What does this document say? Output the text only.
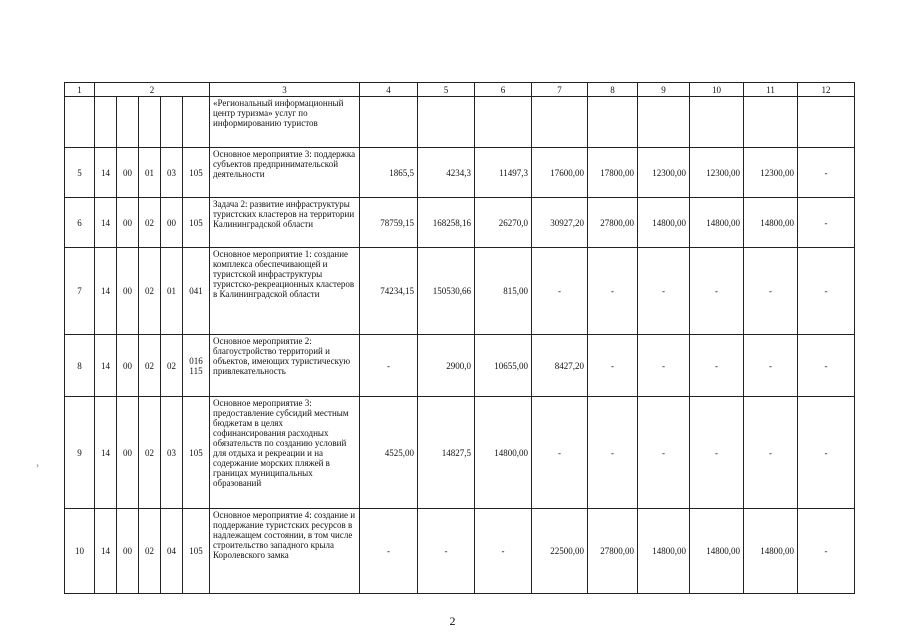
1	2					3	4	5	6	7	8	9	10	11	12
						«Региональный информационный центр туризма» услуг по информированию туристов									
5	14	00	01	03	105	Основное мероприятие 3: поддержка субъектов предпринимательской деятельности	1865,5	4234,3	11497,3	17600,00	17800,00	12300,00	12300,00	12300,00	-
6	14	00	02	00	105	Задача 2: развитие инфраструктуры туристских кластеров на территории Калининградской области	78759,15	168258,16	26270,0	30927,20	27800,00	14800,00	14800,00	14800,00	-
7	14	00	02	01	041	Основное мероприятие 1: создание комплекса обеспечивающей и туристской инфраструктуры туристско-рекреационных кластеров в Калининградской области	74234,15	150530,66	815,00	-	-	-	-	-	-
8	14	00	02	02	016 115	Основное мероприятие 2: благоустройство территорий и объектов, имеющих туристическую привлекательность	-	2900,0	10655,00	8427,20	-	-	-	-	-
9	14	00	02	03	105	Основное мероприятие 3: предоставление субсидий местным бюджетам в целях софинансирования расходных обязательств по созданию условий для отдыха и рекреации и на содержание морских пляжей в границах муниципальных образований	4525,00	14827,5	14800,00	-	-	-	-	-	-
10	14	00	02	04	105	Основное мероприятие 4: создание и поддержание туристских ресурсов в надлежащем состоянии, в том числе строительство западного крыла Королевского замка	-	-	-	22500,00	27800,00	14800,00	14800,00	14800,00	-
2
›
